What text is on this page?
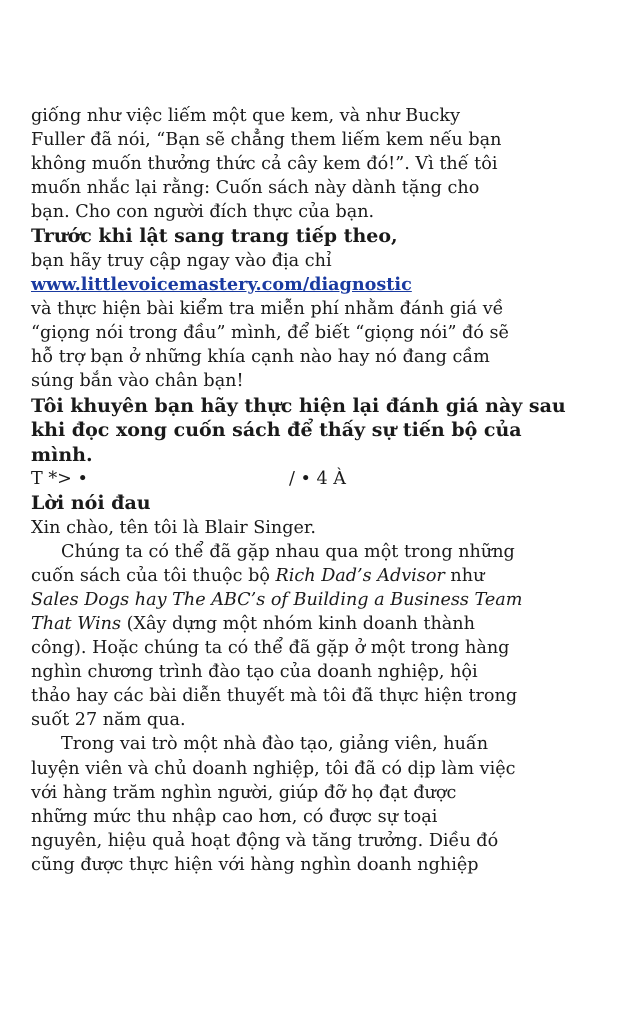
giống như việc liếm một que kem, và như Bucky
Fuller đã nói, “Bạn sẽ chẳng them liếm kem nếu bạn
không muốn thưởng thức cả cây kem đó!”. Vì thế tôi
muốn nhắc lại rằng: Cuốn sách này dành tặng cho
bạn. Cho con người đích thực của bạn.
Trước khi lật sang trang tiếp theo,
bạn hãy truy cập ngay vào địa chỉ
www.littlevoicemastery.com/diagnostic
và thực hiện bài kiểm tra miễn phí nhằm đánh giá về
“giọng nói trong đầu” mình, để biết “giọng nói” đó sẽ
hỗ trợ bạn ở những khía cạnh nào hay nó đang cầm
súng bắn vào chân bạn!
Tôi khuyên bạn hãy thực hiện lại đánh giá này sau
khi đọc xong cuốn sách để thấy sự tiến bộ của
mình.
T *> •	/ • 4 À
Lời nói đau
Xin chào, tên tôi là Blair Singer.
Chúng ta có thể đã gặp nhau qua một trong những
cuốn sách của tôi thuộc bộ Rich Dad’s Advisor như
Sales Dogs hay The ABC’s of Building a Business Team
That Wins (Xây dựng một nhóm kinh doanh thành
công). Hoặc chúng ta có thể đã gặp ở một trong hàng
nghìn chương trình đào tạo của doanh nghiệp, hội
thảo hay các bài diễn thuyết mà tôi đã thực hiện trong
suốt 27 năm qua.
Trong vai trò một nhà đào tạo, giảng viên, huấn
luyện viên và chủ doanh nghiệp, tôi đã có dịp làm việc
với hàng trăm nghìn người, giúp đỡ họ đạt được
những mức thu nhập cao hơn, có được sự toại
nguyên, hiệu quả hoạt động và tăng trưởng. Diều đó
cũng được thực hiện với hàng nghìn doanh nghiệp
